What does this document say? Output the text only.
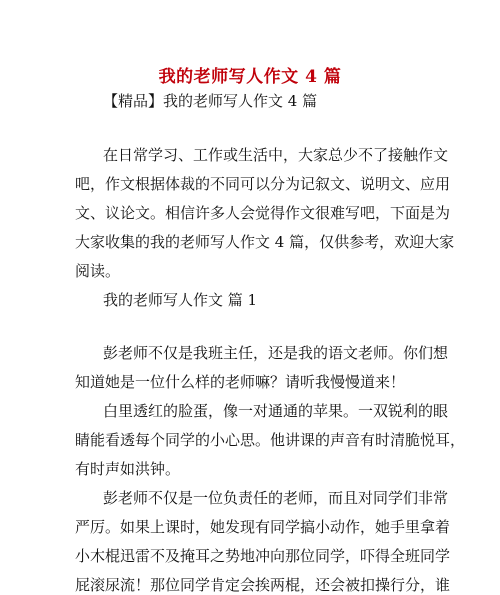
我的老师写人作文 4 篇
【精品】我的老师写人作文 4 篇
在日常学习、工作或生活中，大家总少不了接触作文
吧，作文根据体裁的不同可以分为记叙文、说明文、应用
文、议论文。相信许多人会觉得作文很难写吧，下面是为
大家收集的我的老师写人作文 4 篇，仅供参考，欢迎大家
阅读。
我的老师写人作文 篇 1
彭老师不仅是我班主任，还是我的语文老师。你们想
知道她是一位什么样的老师嘛？请听我慢慢道来！
白里透红的脸蛋，像一对通通的苹果。一双锐利的眼
睛能看透每个同学的小心思。他讲课的声音有时清脆悦耳，
有时声如洪钟。
彭老师不仅是一位负责任的老师，而且对同学们非常
严厉。如果上课时，她发现有同学搞小动作，她手里拿着
小木棍迅雷不及掩耳之势地冲向那位同学，吓得全班同学
屁滚尿流！那位同学肯定会挨两棍，还会被扣操行分，谁
